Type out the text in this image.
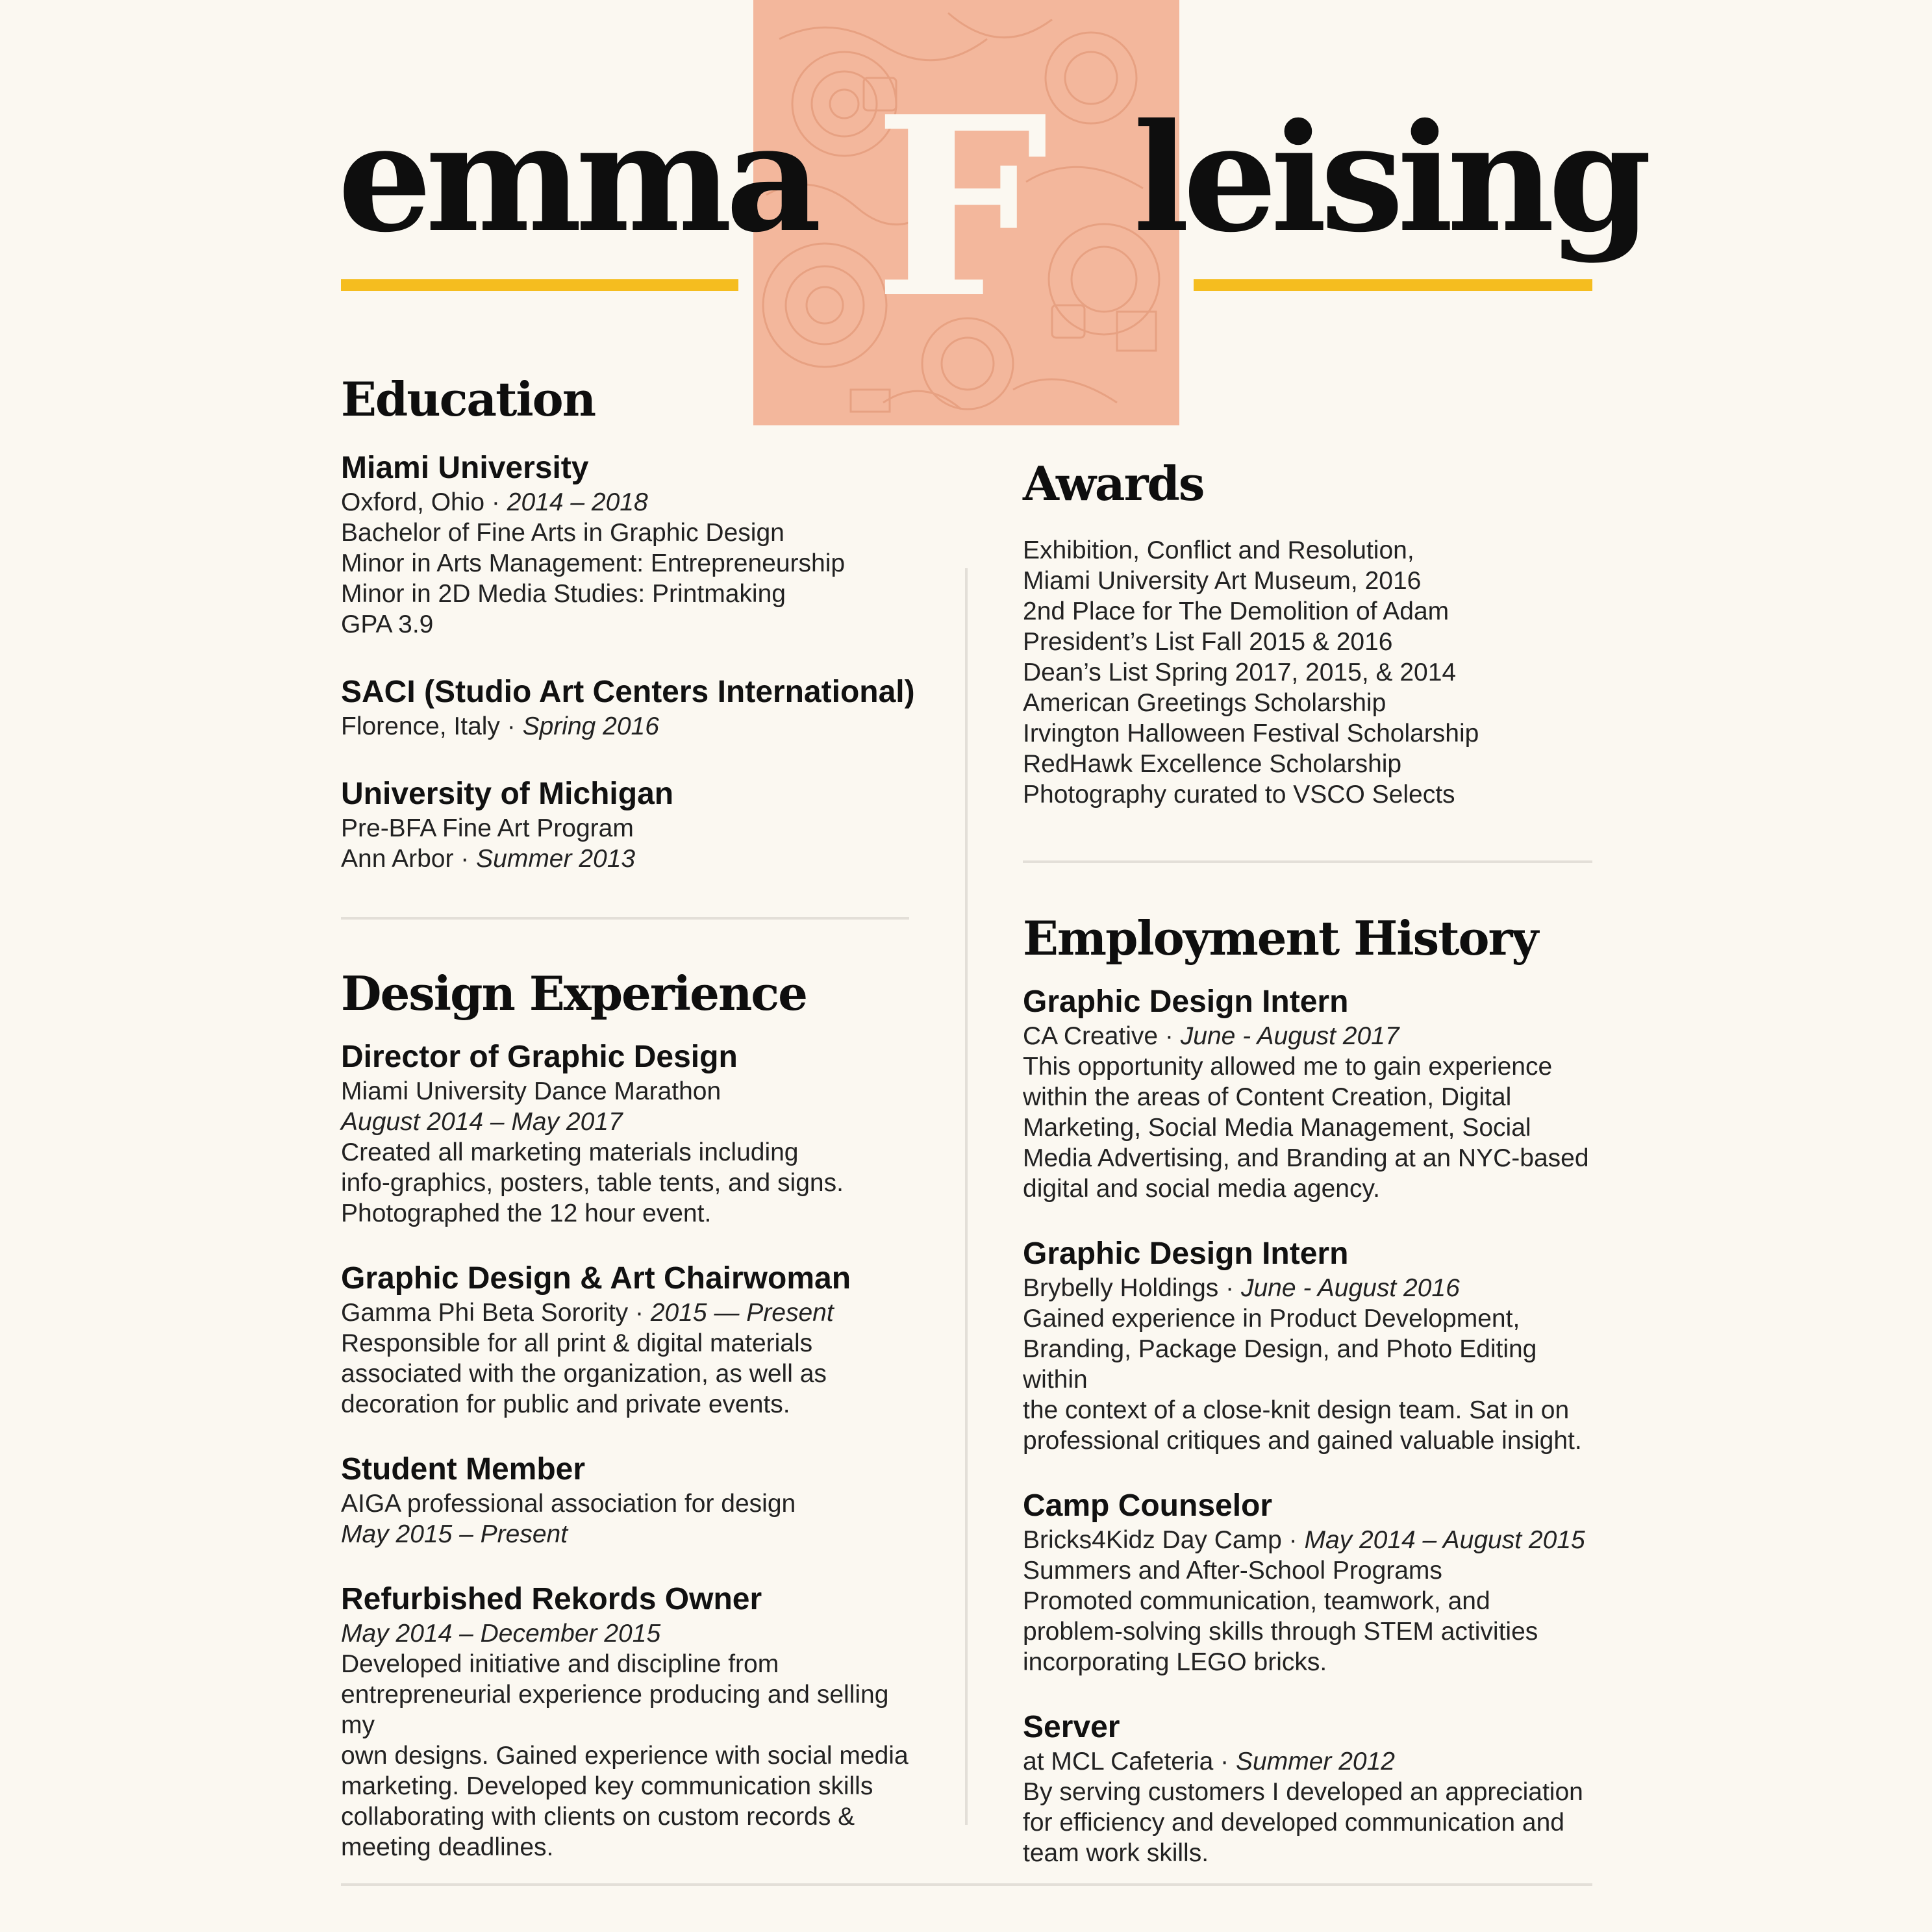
emma F leising
Education

Miami University

Oxford, Ohio · 2014 – 2018

Bachelor of Fine Arts in Graphic Design

Minor in Arts Management: Entrepreneurship

Minor in 2D Media Studies: Printmaking

GPA 3.9

SACI (Studio Art Centers International)

Florence, Italy · Spring 2016

University of Michigan

Pre-BFA Fine Art Program

Ann Arbor · Summer 2013

Design Experience

Director of Graphic Design

Miami University Dance Marathon

August 2014 – May 2017

Created all marketing materials including

info-graphics, posters, table tents, and signs.

Photographed the 12 hour event.

Graphic Design & Art Chairwoman

Gamma Phi Beta Sorority · 2015 — Present

Responsible for all print & digital materials

associated with the organization, as well as

decoration for public and private events.

Student Member

AIGA professional association for design

May 2015 – Present

Refurbished Rekords Owner

May 2014 – December 2015

Developed initiative and discipline from

entrepreneurial experience producing and selling my

own designs. Gained experience with social media

marketing. Developed key communication skills

collaborating with clients on custom records &

meeting deadlines.

Awards

Exhibition, Conflict and Resolution,

Miami University Art Museum, 2016

2nd Place for The Demolition of Adam

President’s List Fall 2015 & 2016

Dean’s List Spring 2017, 2015, & 2014

American Greetings Scholarship

Irvington Halloween Festival Scholarship

RedHawk Excellence Scholarship

Photography curated to VSCO Selects

Employment History

Graphic Design Intern

CA Creative · June - August 2017

This opportunity allowed me to gain experience

within the areas of Content Creation, Digital

Marketing, Social Media Management, Social

Media Advertising, and Branding at an NYC-based

digital and social media agency.

Graphic Design Intern

Brybelly Holdings · June - August 2016

Gained experience in Product Development,

Branding, Package Design, and Photo Editing within

the context of a close-knit design team. Sat in on

professional critiques and gained valuable insight.

Camp Counselor

Bricks4Kidz Day Camp · May 2014 – August 2015

Summers and After-School Programs

Promoted communication, teamwork, and

problem-solving skills through STEM activities

incorporating LEGO bricks.

Server

at MCL Cafeteria · Summer 2012

By serving customers I developed an appreciation

for efficiency and developed communication and

team work skills.
